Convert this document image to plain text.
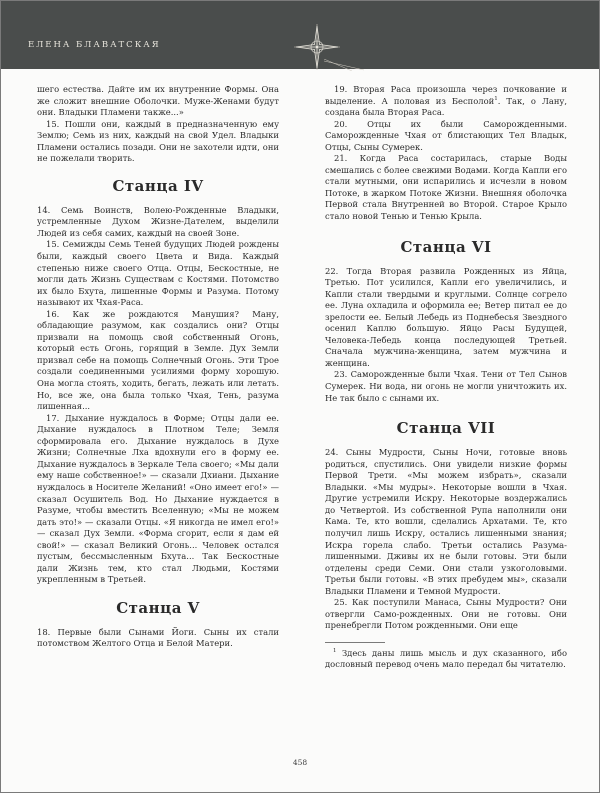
ЕЛЕНА БЛАВАТСКАЯ

шего естества. Дайте им их внутренние Формы. Она же сложит внешние Оболочки. Муже-Женами будут они. Владыки Пламени также...»

15. Пошли они, каждый в предназначенную ему Землю; Семь из них, каждый на свой Удел. Владыки Пламени остались позади. Они не захотели идти, они не пожелали творить.

Станца IV

14. Семь Воинств, Волею-Рожденные Владыки, устремленные Духом Жизне-Дателем, выделили Людей из себя самих, каждый на своей Зоне.

15. Семижды Семь Теней будущих Людей рождены были, каждый своего Цвета и Вида. Каждый степенью ниже своего Отца. Отцы, Бескостные, не могли дать Жизнь Существам с Костями. Потомство их было Бхута, лишенные Формы и Разума. Потому называют их Чхая-Раса.

16. Как же рождаются Манушия? Ману, обладающие разумом, как создались они? Отцы призвали на помощь свой собственный Огонь, который есть Огонь, горящий в Земле. Дух Земли призвал себе на помощь Солнечный Огонь. Эти Трое создали соединенными усилиями форму хорошую. Она могла стоять, ходить, бегать, лежать или летать. Но, все же, она была только Чхая, Тень, разума лишенная...

17. Дыхание нуждалось в Форме; Отцы дали ее. Дыхание нуждалось в Плотном Теле; Земля сформировала его. Дыхание нуждалось в Духе Жизни; Солнечные Лха вдохнули его в форму ее. Дыхание нуждалось в Зеркале Тела своего; «Мы дали ему наше собственное!» — сказали Дхиани. Дыхание нуждалось в Носителе Желаний! «Оно имеет его!» — сказал Осушитель Вод. Но Дыхание нуждается в Разуме, чтобы вместить Вселенную; «Мы не можем дать это!» — сказали Отцы. «Я никогда не имел его!» — сказал Дух Земли. «Форма сгорит, если я дам ей свой!» — сказал Великий Огонь... Человек остался пустым, бессмысленным Бхута... Так Бескостные дали Жизнь тем, кто стал Людьми, Костями укрепленным в Третьей.

Станца V

18. Первые были Сынами Йоги. Сыны их стали потомством Желтого Отца и Белой Матери.

19. Вторая Раса произошла через почкование и выделение. А половая из Бесполой$^1$. Так, о Лану, создана была Вторая Раса.

20. Отцы их были Саморожденными. Саморожденные Чхая от блистающих Тел Владык, Отцы, Сыны Сумерек.

21. Когда Раса состарилась, старые Воды смешались с более свежими Водами. Когда Капли его стали мутными, они испарились и исчезли в новом Потоке, в жарком Потоке Жизни. Внешняя оболочка Первой стала Внутренней во Второй. Старое Крыло стало новой Тенью и Тенью Крыла.

Станца VI

22. Тогда Вторая развила Рожденных из Яйца, Третью. Пот усилился, Капли его увеличились, и Капли стали твердыми и круглыми. Солнце согрело ее. Луна охладила и оформила ее; Ветер питал ее до зрелости ее. Белый Лебедь из Поднебесья Звездного осенил Каплю большую. Яйцо Расы Будущей, Человека-Лебедь конца последующей Третьей. Сначала мужчина-женщина, затем мужчина и женщина.

23. Саморожденные были Чхая. Тени от Тел Сынов Сумерек. Ни вода, ни огонь не могли уничтожить их. Не так было с сынами их.

Станца VII

24. Сыны Мудрости, Сыны Ночи, готовые вновь родиться, спустились. Они увидели низкие формы Первой Трети. «Мы можем избрать», сказали Владыки. «Мы мудры». Некоторые вошли в Чхая. Другие устремили Искру. Некоторые воздержались до Четвертой. Из собственной Рупа наполнили они Кама. Те, кто вошли, сделались Архатами. Те, кто получил лишь Искру, остались лишенными знания; Искра горела слабо. Третьи остались Разума-лишенными. Дживы их не были готовы. Эти были отделены среди Семи. Они стали узкоголовыми. Третьи были готовы. «В этих пребудем мы», сказали Владыки Пламени и Темной Мудрости.

25. Как поступили Манаса, Сыны Мудрости? Они отвергли Само-рожденных. Они не готовы. Они пренебрегли Потом рожденными. Они еще

$^1$ Здесь даны лишь мысль и дух сказанного, ибо дословный перевод очень мало передал бы читателю.

458
